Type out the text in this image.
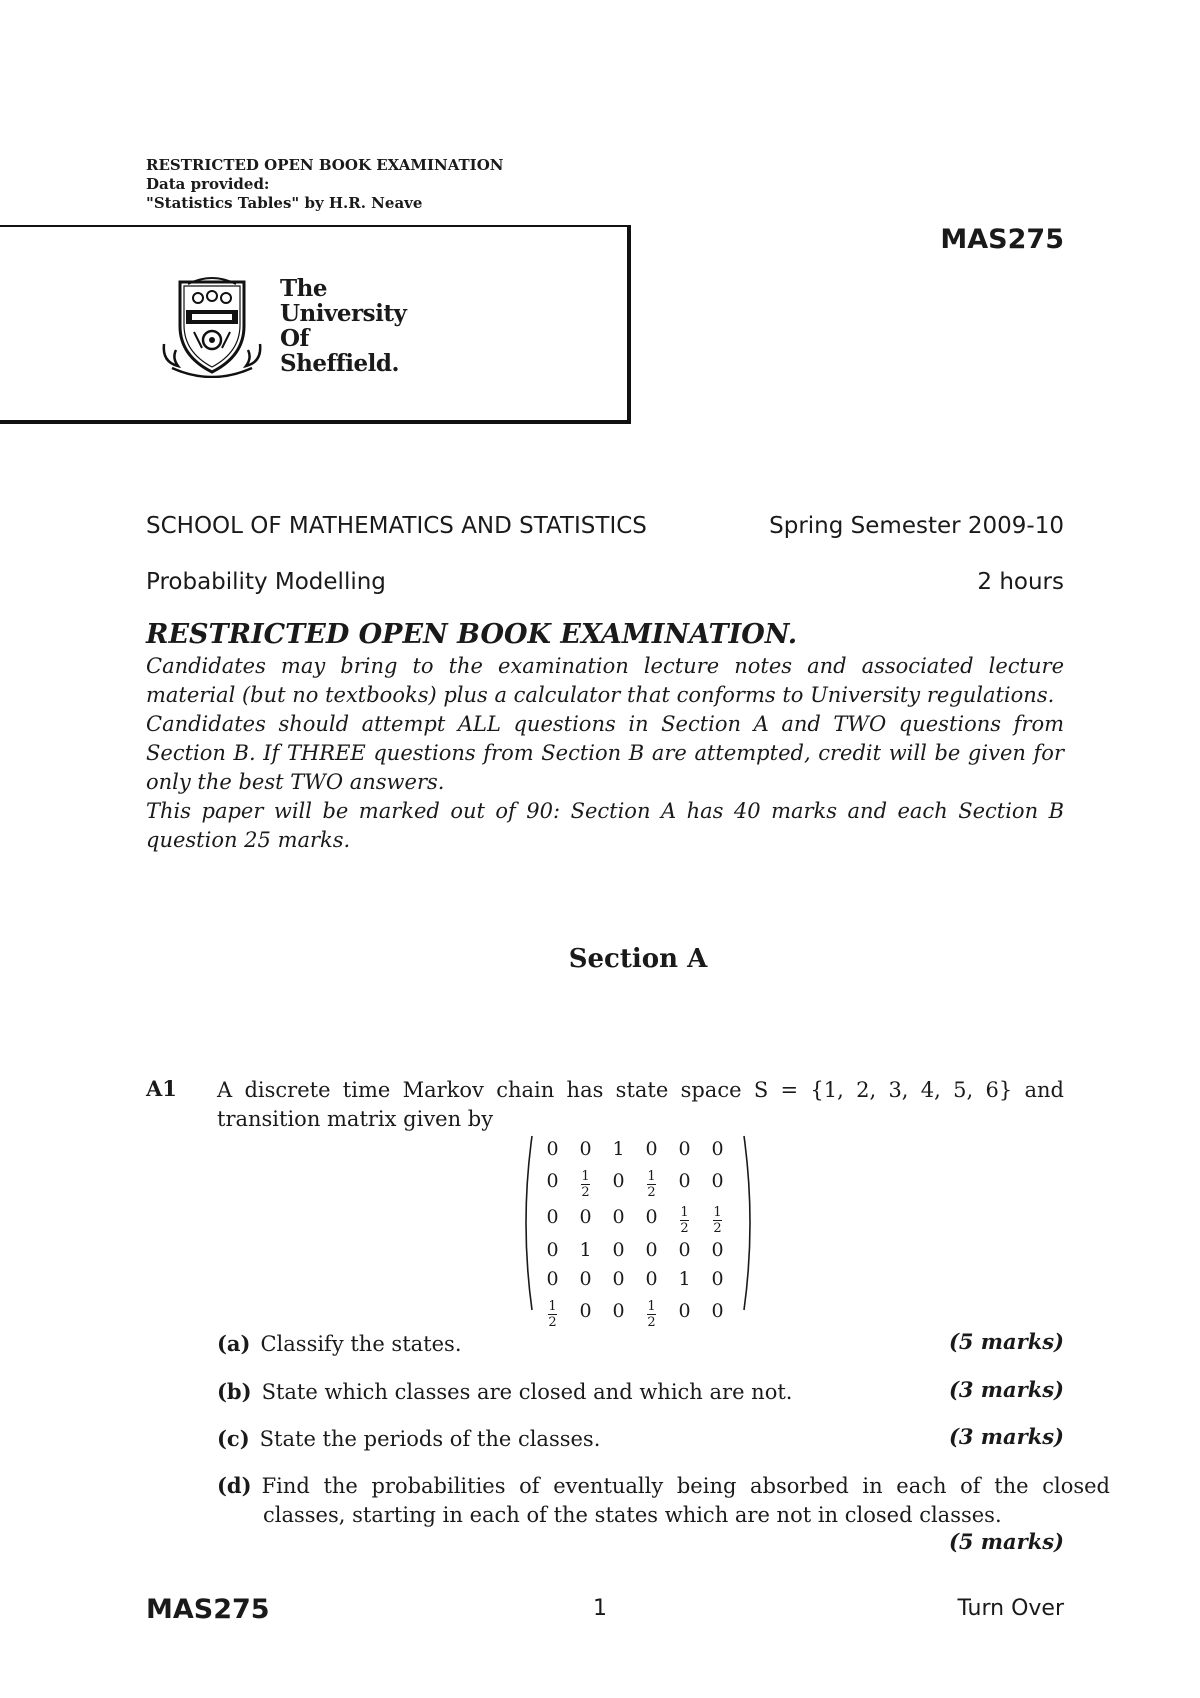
RESTRICTED OPEN BOOK EXAMINATION
Data provided:
"Statistics Tables" by H.R. Neave
MAS275
The
University
Of
Sheffield.
SCHOOL OF MATHEMATICS AND STATISTICS	Spring Semester 2009-10
Probability Modelling	2 hours
RESTRICTED OPEN BOOK EXAMINATION.

Candidates may bring to the examination lecture notes and associated lecture material (but no textbooks) plus a calculator that conforms to University regulations.

Candidates should attempt ALL questions in Section A and TWO questions from Section B. If THREE questions from Section B are attempted, credit will be given for only the best TWO answers.

This paper will be marked out of 90: Section A has 40 marks and each Section B question 25 marks.

Section A
A1 A discrete time Markov chain has state space S = {1, 2, 3, 4, 5, 6} and transition matrix given by
0	0	1	0	0	0
0	$\frac{1}{2}$	0	$\frac{1}{2}$	0	0
0	0	0	0	$\frac{1}{2}$	$\frac{1}{2}$

0	1	0	0	0	0
0	0	0	0	1	0

$\frac{1}{2}$	0	0	$\frac{1}{2}$	0	0
(a) Classify the states.	(5 marks)
(b) State which classes are closed and which are not.	(3 marks)
(c) State the periods of the classes.	(3 marks)
(d) Find the probabilities of eventually being absorbed in each of the closed classes, starting in each of the states which are not in closed classes.
(5 marks)
MAS275	1	Turn Over
